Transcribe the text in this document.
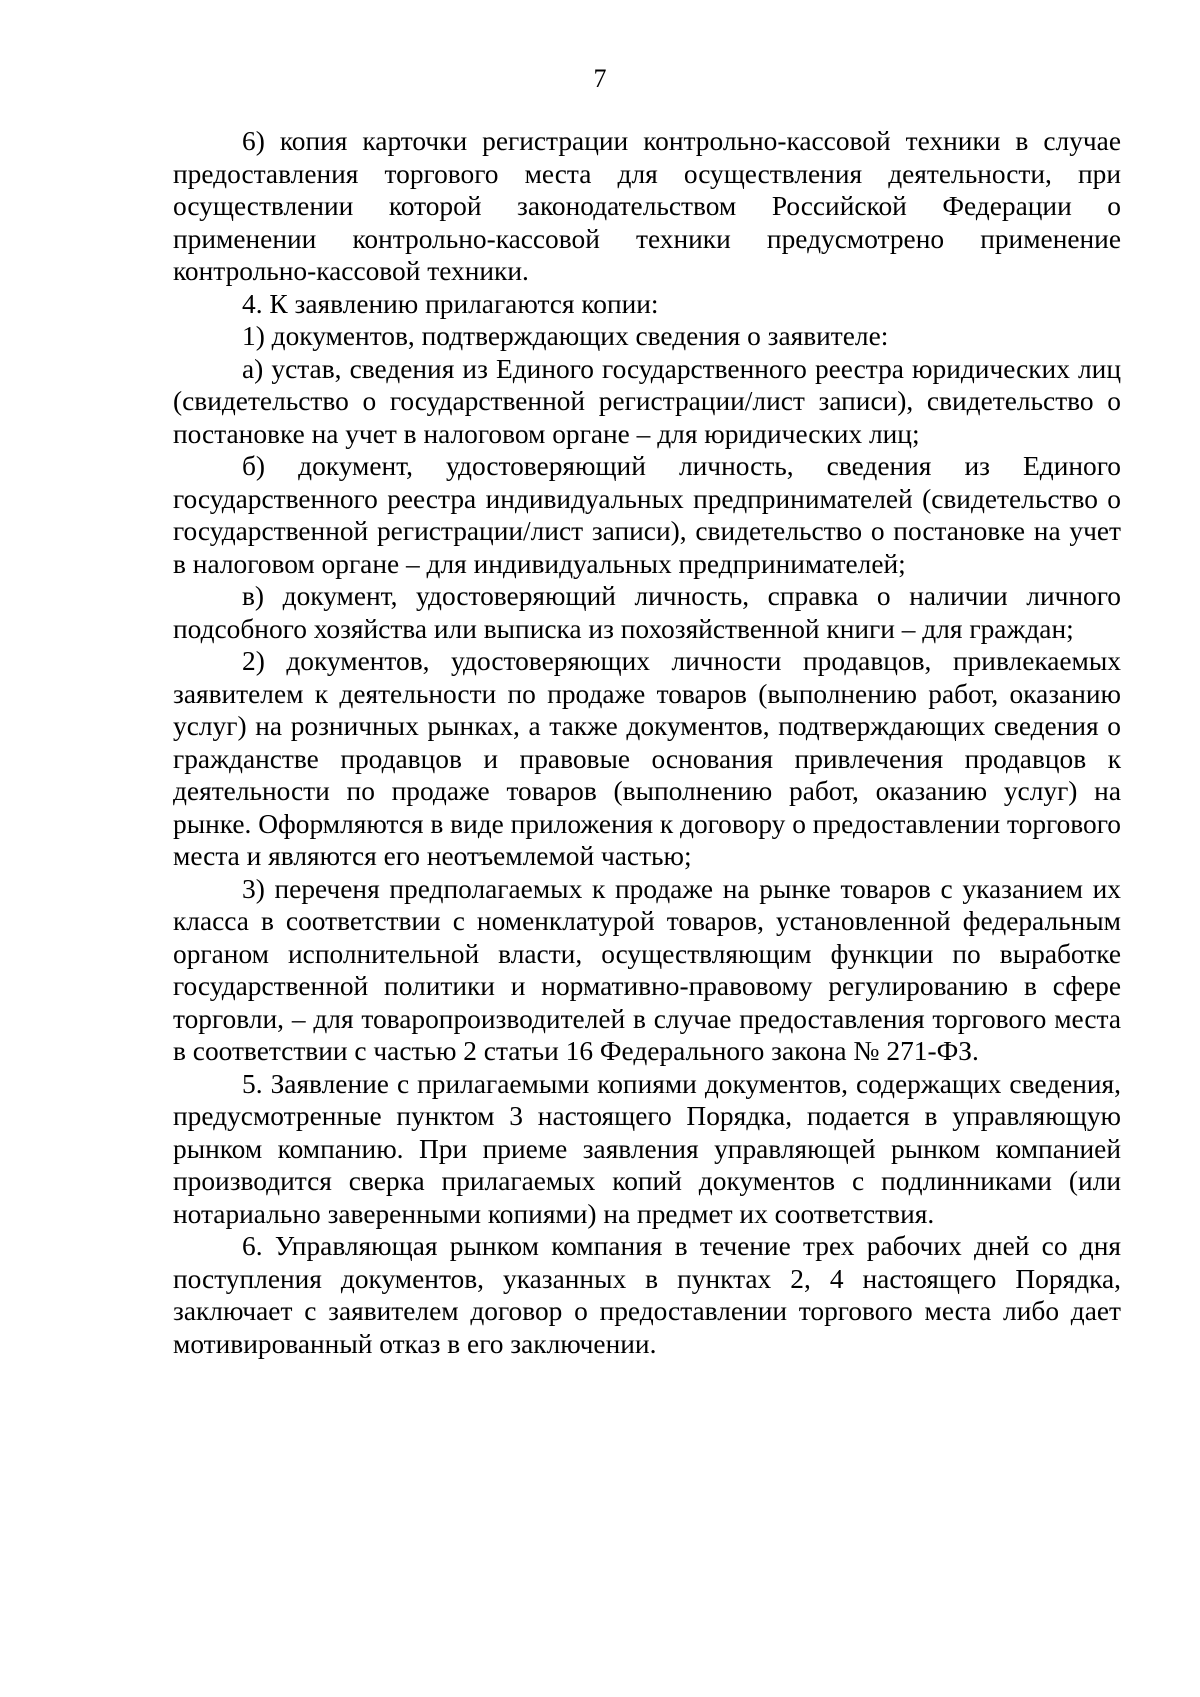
7

6) копия карточки регистрации контрольно-кассовой техники в случае предоставления торгового места для осуществления деятельности, при осуществлении которой законодательством Российской Федерации о применении контрольно-кассовой техники предусмотрено применение контрольно-кассовой техники.

4. К заявлению прилагаются копии:

1) документов, подтверждающих сведения о заявителе:

а) устав, сведения из Единого государственного реестра юридических лиц (свидетельство о государственной регистрации/лист записи), свидетельство о постановке на учет в налоговом органе – для юридических лиц;

б) документ, удостоверяющий личность, сведения из Единого государственного реестра индивидуальных предпринимателей (свидетельство о государственной регистрации/лист записи), свидетельство о постановке на учет в налоговом органе – для индивидуальных предпринимателей;

в) документ, удостоверяющий личность, справка о наличии личного подсобного хозяйства или выписка из похозяйственной книги – для граждан;

2) документов, удостоверяющих личности продавцов, привлекаемых заявителем к деятельности по продаже товаров (выполнению работ, оказанию услуг) на розничных рынках, а также документов, подтверждающих сведения о гражданстве продавцов и правовые основания привлечения продавцов к деятельности по продаже товаров (выполнению работ, оказанию услуг) на рынке. Оформляются в виде приложения к договору о предоставлении торгового места и являются его неотъемлемой частью;

3) переченя предполагаемых к продаже на рынке товаров с указанием их класса в соответствии с номенклатурой товаров, установленной федеральным органом исполнительной власти, осуществляющим функции по выработке государственной политики и нормативно-правовому регулированию в сфере торговли, – для товаропроизводителей в случае предоставления торгового места в соответствии с частью 2 статьи 16 Федерального закона № 271-ФЗ.

5. Заявление с прилагаемыми копиями документов, содержащих сведения, предусмотренные пунктом 3 настоящего Порядка, подается в управляющую рынком компанию. При приеме заявления управляющей рынком компанией производится сверка прилагаемых копий документов с подлинниками (или нотариально заверенными копиями) на предмет их соответствия.

6. Управляющая рынком компания в течение трех рабочих дней со дня поступления документов, указанных в пунктах 2, 4 настоящего Порядка, заключает с заявителем договор о предоставлении торгового места либо дает мотивированный отказ в его заключении.
